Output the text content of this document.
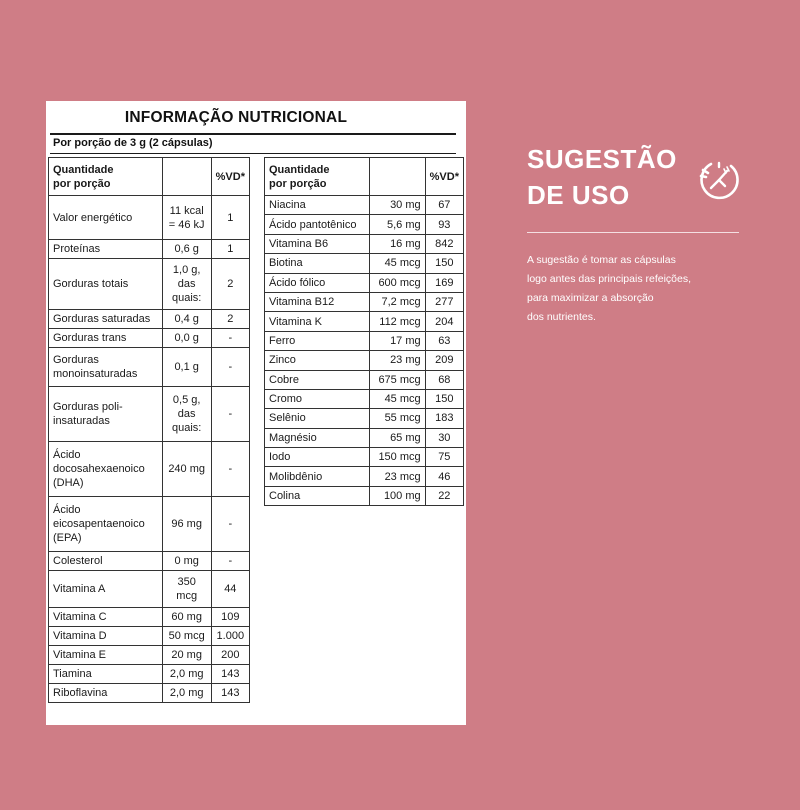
INFORMAÇÃO NUTRICIONAL
Por porção de 3 g (2 cápsulas)
Quantidade
por porção		%VD*
Valor energético	11 kcal
= 46 kJ	1
Proteínas	0,6 g	1
Gorduras totais	1,0 g,
das
quais:	2
Gorduras saturadas	0,4 g	2
Gorduras trans	0,0 g	-
Gorduras
monoinsaturadas	0,1 g	-
Gorduras poli-
insaturadas	0,5 g,
das
quais:	-
Ácido
docosahexaenoico
(DHA)	240 mg	-
Ácido
eicosapentaenoico
(EPA)	96 mg	-
Colesterol	0 mg	-
Vitamina A	350
mcg	44
Vitamina C	60 mg	109
Vitamina D	50 mcg	1.000
Vitamina E	20 mg	200
Tiamina	2,0 mg	143
Riboflavina	2,0 mg	143
Quantidade
por porção		%VD*
Niacina	30 mg	67
Ácido pantotênico	5,6 mg	93
Vitamina B6	16 mg	842
Biotina	45 mcg	150
Ácido fólico	600 mcg	169
Vitamina B12	7,2 mcg	277
Vitamina K	112 mcg	204
Ferro	17 mg	63
Zinco	23 mg	209
Cobre	675 mcg	68
Cromo	45 mcg	150
Selênio	55 mcg	183
Magnésio	65 mg	30
Iodo	150 mcg	75
Molibdênio	23 mcg	46
Colina	100 mg	22
SUGESTÃO
DE USO
A sugestão é tomar as cápsulas
logo antes das principais refeições,
para maximizar a absorção
dos nutrientes.
